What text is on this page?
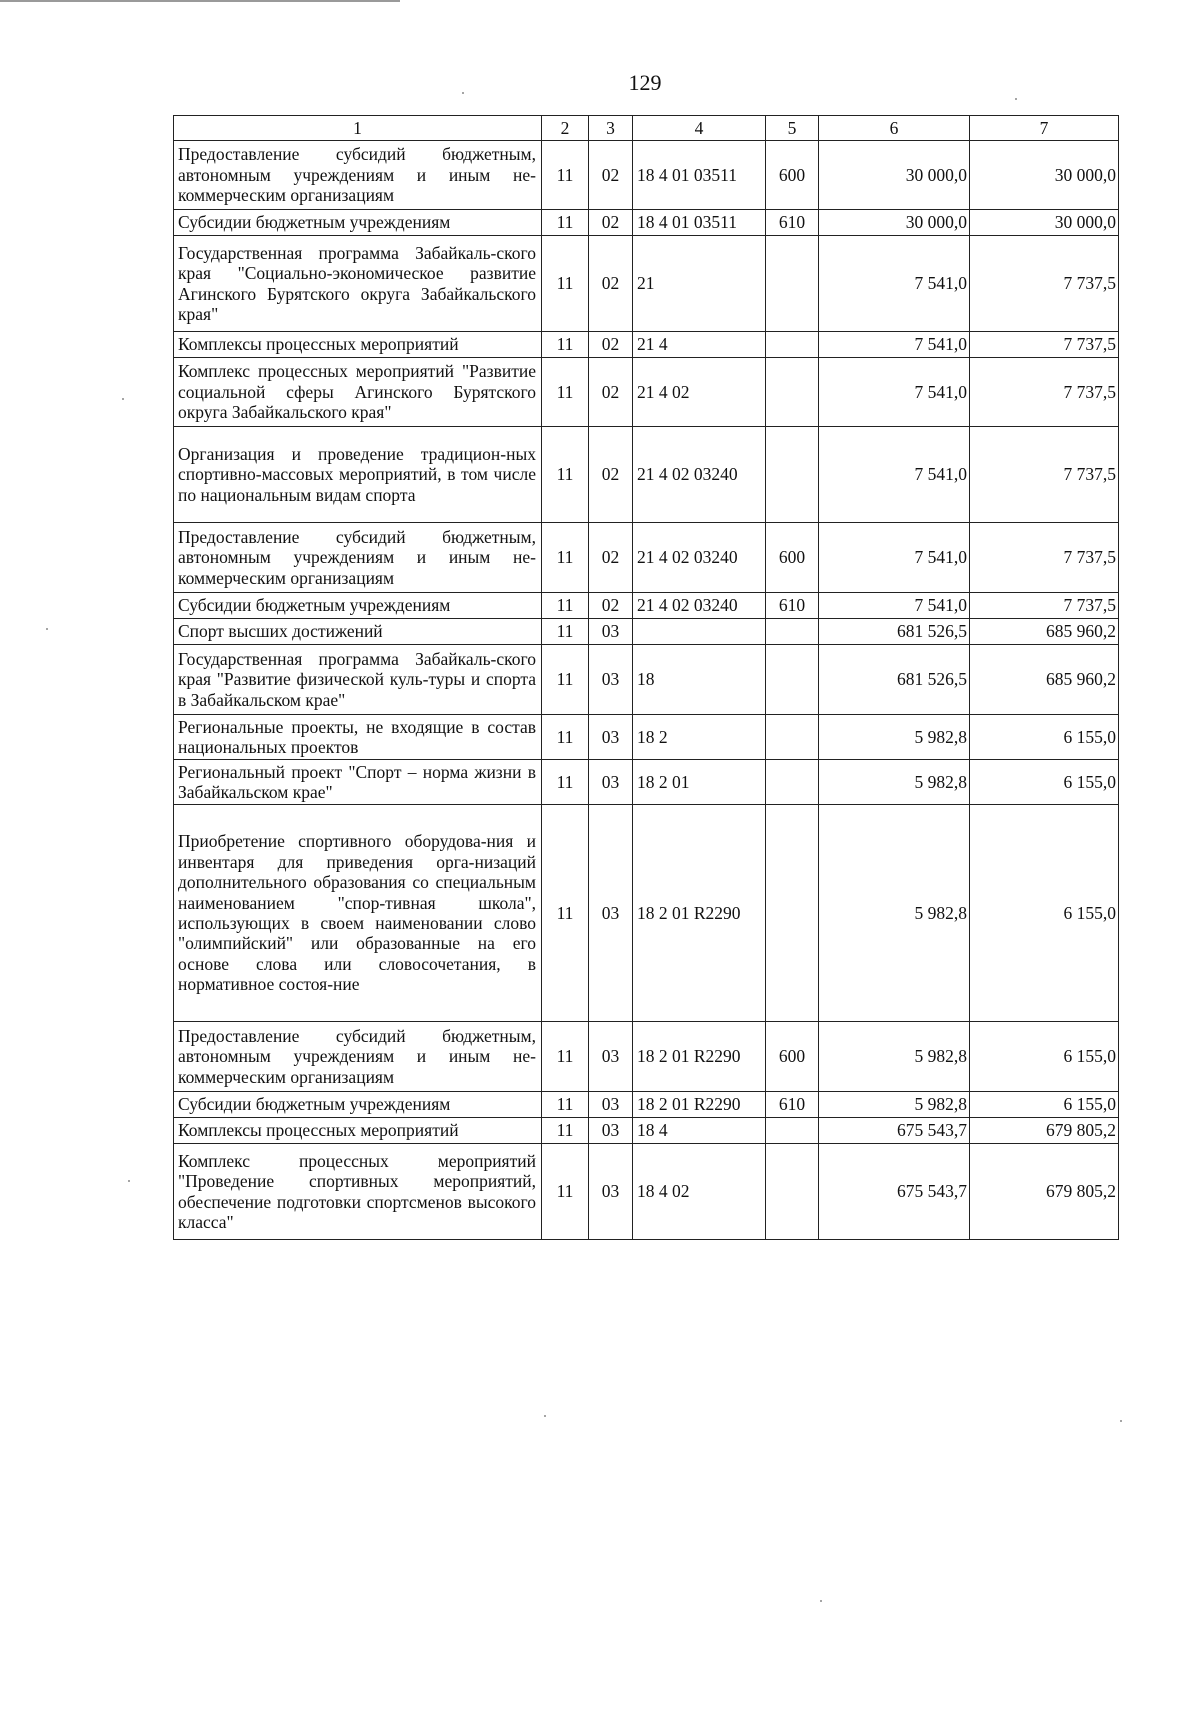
129
1	2	3	4	5	6	7
Предоставление субсидий бюджетным, автономным учреждениям и иным не-коммерческим организациям	11	02	18 4 01 03511	600	30 000,0	30 000,0
Субсидии бюджетным учреждениям	11	02	18 4 01 03511	610	30 000,0	30 000,0
Государственная программа Забайкаль-ского края "Социально-экономическое развитие Агинского Бурятского округа Забайкальского края"	11	02	21		7 541,0	7 737,5
Комплексы процессных мероприятий	11	02	21 4		7 541,0	7 737,5
Комплекс процессных мероприятий "Развитие социальной сферы Агинского Бурятского округа Забайкальского края"	11	02	21 4 02		7 541,0	7 737,5
Организация и проведение традицион-ных спортивно-массовых мероприятий, в том числе по национальным видам спорта	11	02	21 4 02 03240		7 541,0	7 737,5
Предоставление субсидий бюджетным, автономным учреждениям и иным не-коммерческим организациям	11	02	21 4 02 03240	600	7 541,0	7 737,5
Субсидии бюджетным учреждениям	11	02	21 4 02 03240	610	7 541,0	7 737,5
Спорт высших достижений	11	03			681 526,5	685 960,2
Государственная программа Забайкаль-ского края "Развитие физической куль-туры и спорта в Забайкальском крае"	11	03	18		681 526,5	685 960,2
Региональные проекты, не входящие в состав национальных проектов	11	03	18 2		5 982,8	6 155,0
Региональный проект "Спорт – норма жизни в Забайкальском крае"	11	03	18 2 01		5 982,8	6 155,0
Приобретение спортивного оборудова-ния и инвентаря для приведения орга-низаций дополнительного образования со специальным наименованием "спор-тивная школа", использующих в своем наименовании слово "олимпийский" или образованные на его основе слова или словосочетания, в нормативное состоя-ние	11	03	18 2 01 R2290		5 982,8	6 155,0
Предоставление субсидий бюджетным, автономным учреждениям и иным не-коммерческим организациям	11	03	18 2 01 R2290	600	5 982,8	6 155,0
Субсидии бюджетным учреждениям	11	03	18 2 01 R2290	610	5 982,8	6 155,0
Комплексы процессных мероприятий	11	03	18 4		675 543,7	679 805,2
Комплекс процессных мероприятий "Проведение спортивных мероприятий, обеспечение подготовки спортсменов высокого класса"	11	03	18 4 02		675 543,7	679 805,2
